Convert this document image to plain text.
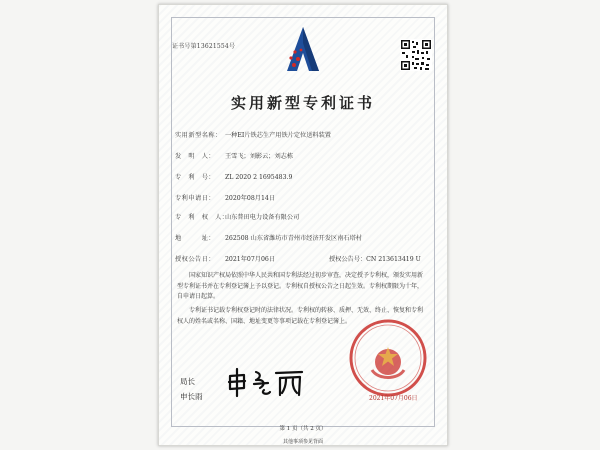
证书号第13621554号
实用新型专利证书
实用新型名称： 一种EI片铁芯生产用铁片定位送料装置
发　明　人： 王雪飞；刘影云；刘志栋
专　利　号： ZL 2020 2 1695483.9
专利申请日： 2020年08月14日
专　利　权　人：山东普田电力设备有限公司
地　　　址： 262508 山东省潍坊市青州市经济开发区南石塔村
授权公告日： 2021年07月06日	授权公告号：CN 213613419 U
国家知识产权局依照中华人民共和国专利法经过初步审查，决定授予专利权，颁发实用新型专利证书并在专利登记簿上予以登记。专利权自授权公告之日起生效。专利权期限为十年，自申请日起算。
专利证书记载专利权登记时的法律状况。专利权的转移、质押、无效、终止、恢复和专利权人的姓名或名称、国籍、地址变更等事项记载在专利登记簿上。
局长
申长雨	2021年07月06日
第 1 页（共 2 页）
其他事项参见背面
